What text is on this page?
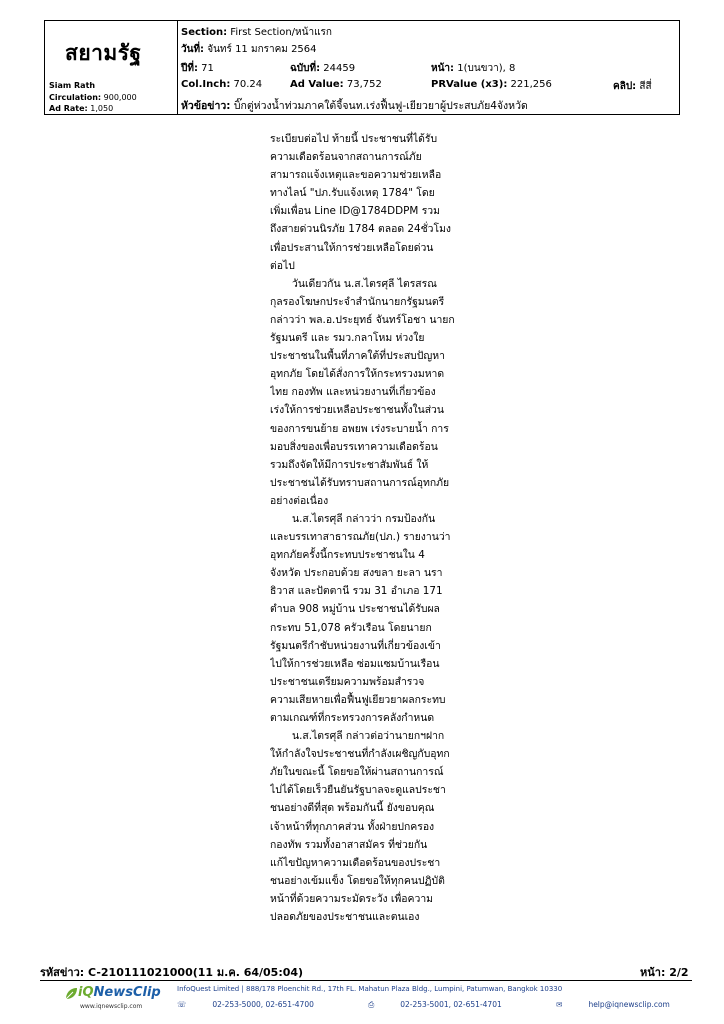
สยามรัฐ
Siam Rath
Circulation: 900,000
Ad Rate: 1,050
Section: First Section/หน้าแรก
วันที่: จันทร์ 11 มกราคม 2564
ปีที่: 71	ฉบับที่: 24459	หน้า: 1(บนขวา), 8
Col.Inch: 70.24	Ad Value: 73,752	PRValue (x3): 221,256	คลิป: สีสี่
หัวข้อข่าว: บิ๊กตู่ห่วงน้ำท่วมภาคใต้จี้จนท.เร่งฟื้นฟู-เยียวยาผู้ประสบภัย4จังหวัด
ระเบียบต่อไป ท้ายนี้ ประชาชนที่ได้รับ
ความเดือดร้อนจากสถานการณ์ภัย
สามารถแจ้งเหตุและขอความช่วยเหลือ
ทางไลน์ "ปภ.รับแจ้งเหตุ 1784" โดย
เพิ่มเพื่อน Line ID@1784DDPM รวม
ถึงสายด่วนนิรภัย 1784 ตลอด 24ชั่วโมง
เพื่อประสานให้การช่วยเหลือโดยด่วน
ต่อไป
วันเดียวกัน น.ส.ไตรศุลี ไตรสรณ
กุลรองโฆษกประจำสำนักนายกรัฐมนตรี
กล่าวว่า พล.อ.ประยุทธ์ จันทร์โอชา นายก
รัฐมนตรี และ รมว.กลาโหม ห่วงใย
ประชาชนในพื้นที่ภาคใต้ที่ประสบปัญหา
อุทกภัย โดยได้สั่งการให้กระทรวงมหาด
ไทย กองทัพ และหน่วยงานที่เกี่ยวข้อง
เร่งให้การช่วยเหลือประชาชนทั้งในส่วน
ของการขนย้าย อพยพ เร่งระบายน้ำ การ
มอบสิ่งของเพื่อบรรเทาความเดือดร้อน
รวมถึงจัดให้มีการประชาสัมพันธ์ ให้
ประชาชนได้รับทราบสถานการณ์อุทกภัย
อย่างต่อเนื่อง
น.ส.ไตรศุลี กล่าวว่า กรมป้องกัน
และบรรเทาสาธารณภัย(ปภ.) รายงานว่า
อุทกภัยครั้งนี้กระทบประชาชนใน 4
จังหวัด ประกอบด้วย สงขลา ยะลา นรา
ธิวาส และปัตตานี รวม 31 อำเภอ 171
ตำบล 908 หมู่บ้าน ประชาชนได้รับผล
กระทบ 51,078 ครัวเรือน โดยนายก
รัฐมนตรีกำชับหน่วยงานที่เกี่ยวข้องเข้า
ไปให้การช่วยเหลือ ซ่อมแซมบ้านเรือน
ประชาชนเตรียมความพร้อมสำรวจ
ความเสียหายเพื่อฟื้นฟูเยียวยาผลกระทบ
ตามเกณฑ์ที่กระทรวงการคลังกำหนด
น.ส.ไตรศุลี กล่าวต่อว่านายกฯฝาก
ให้กำลังใจประชาชนที่กำลังเผชิญกับอุทก
ภัยในขณะนี้ โดยขอให้ผ่านสถานการณ์
ไปได้โดยเร็วยืนยันรัฐบาลจะดูแลประชา
ชนอย่างดีที่สุด พร้อมกันนี้ ยังขอบคุณ
เจ้าหน้าที่ทุกภาคส่วน ทั้งฝ่ายปกครอง
กองทัพ รวมทั้งอาสาสมัคร ที่ช่วยกัน
แก้ไขปัญหาความเดือดร้อนของประชา
ชนอย่างเข้มแข็ง โดยขอให้ทุกคนปฏิบัติ
หน้าที่ด้วยความระมัดระวัง เพื่อความ
ปลอดภัยของประชาชนและตนเอง
รหัสข่าว: C-210111021000(11 ม.ค. 64/05:04)	หน้า: 2/2
iQNewsClip
www.iqnewsclip.com
InfoQuest Limited | 888/178 Ploenchit Rd., 17th FL. Mahatun Plaza Bldg., Lumpini, Patumwan, Bangkok 10330
☏	02-253-5000, 02-651-4700	⎙	02-253-5001, 02-651-4701	✉	help@iqnewsclip.com
